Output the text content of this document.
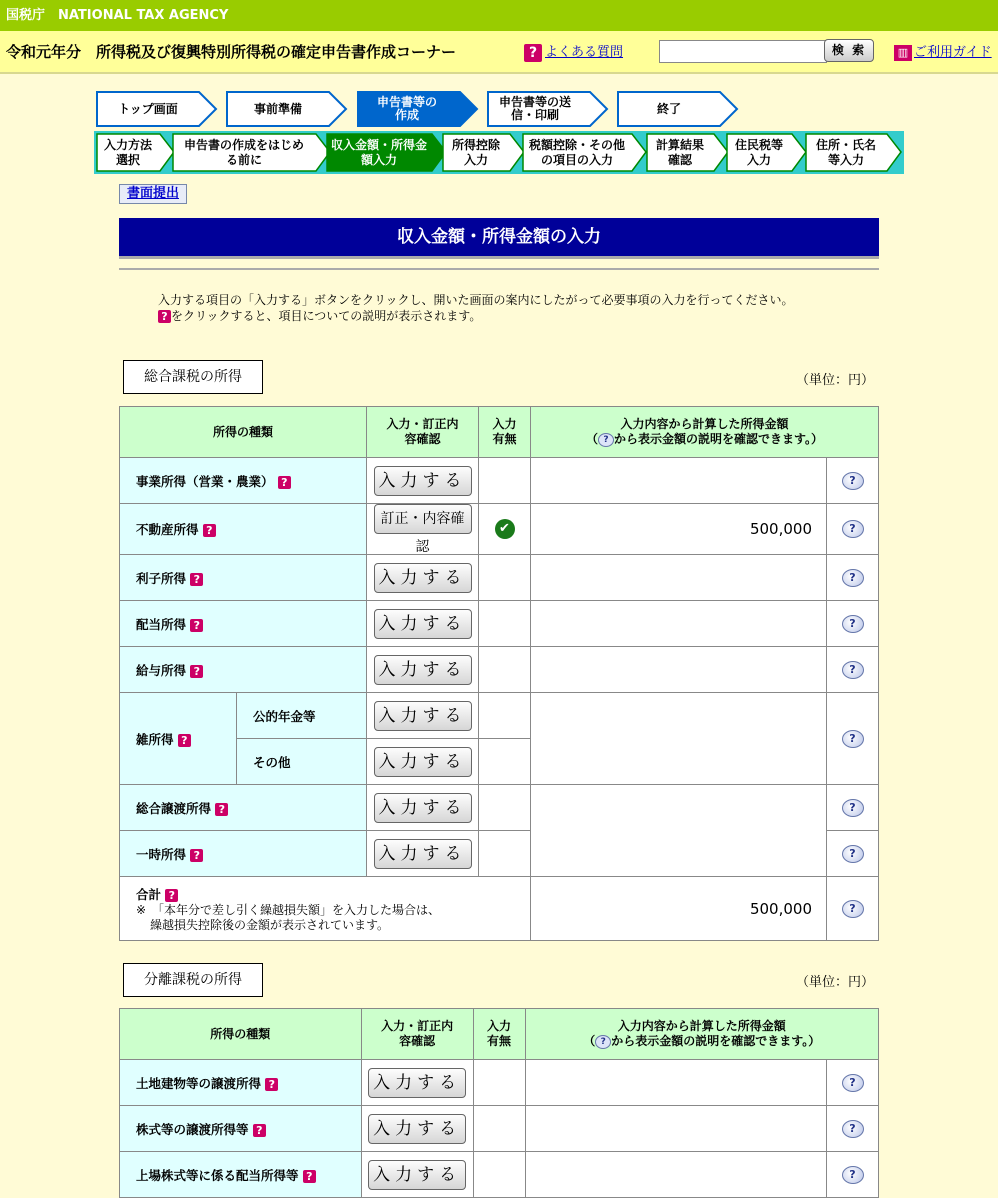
国税庁　NATIONAL TAX AGENCY
令和元年分　所得税及び復興特別所得税の確定申告書作成コーナー	? よくある質問	検 索	▥ ご利用ガイド
トップ画面	事前準備	申告書等の作成
申告書等の送信・印刷	終了
入力方法選択
申告書の作成をはじめる前に
収入金額・所得金額入力
所得控除入力
税額控除・その他の項目の入力
計算結果確認
住民税等入力
住所・氏名等入力
書面提出
収入金額・所得金額の入力
入力する項目の「入力する」ボタンをクリックし、開いた画面の案内にしたがって必要事項の入力を行ってください。
? をクリックすると、項目についての説明が表示されます。
総合課税の所得	（単位：円）
所得の種類		入力・訂正内容確認	入力有無	入力内容から計算した所得金額
（ ? から表示金額の説明を確認できます。）	

事業所得（営業・農業） ?		入力する			?
不動産所得 ?		訂正・内容確認	✔	500,000	?
利子所得 ?		入力する			?
配当所得 ?		入力する			?
給与所得 ?		入力する			?
雑所得 ?	公的年金等	入力する			?
	その他	入力する			
総合譲渡所得 ?		入力する			?
一時所得 ?		入力する			?

合計 ?
※　「本年分で差し引く繰越損失額」を入力した場合は、
繰越損失控除後の金額が表示されています。				500,000	?
分離課税の所得	（単位：円）
所得の種類	入力・訂正内容確認	入力有無	入力内容から計算した所得金額
（ ? から表示金額の説明を確認できます。）	

土地建物等の譲渡所得 ?	入力する			?
株式等の譲渡所得等 ?	入力する			?
上場株式等に係る配当所得等 ?	入力する			?
